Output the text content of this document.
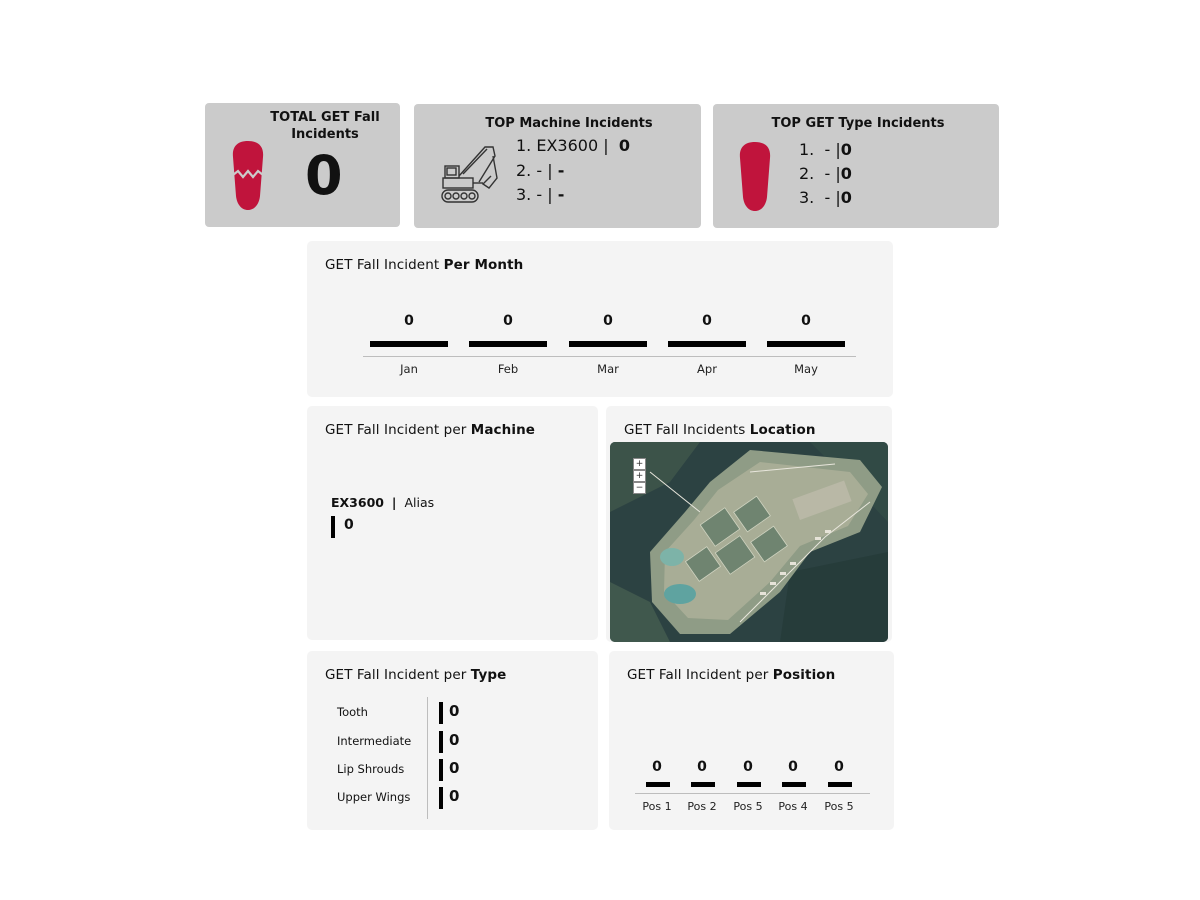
TOTAL GET Fall Incidents
0
TOP Machine Incidents
1. EX3600 | 0
2. - | -
3. - | -
TOP GET Type Incidents
1. - |0
2. - |0
3. - |0
GET Fall Incident Per Month
0
Jan
0
Feb
0
Mar
0
Apr
0
May
GET Fall Incident per Machine
EX3600 | Alias
0
GET Fall Incidents Location
+
+
−
GET Fall Incident per Type
Tooth	0
Intermediate	0
Lip Shrouds	0
Upper Wings	0
GET Fall Incident per Position
0
Pos 1
0
Pos 2
0
Pos 5
0
Pos 4
0
Pos 5
